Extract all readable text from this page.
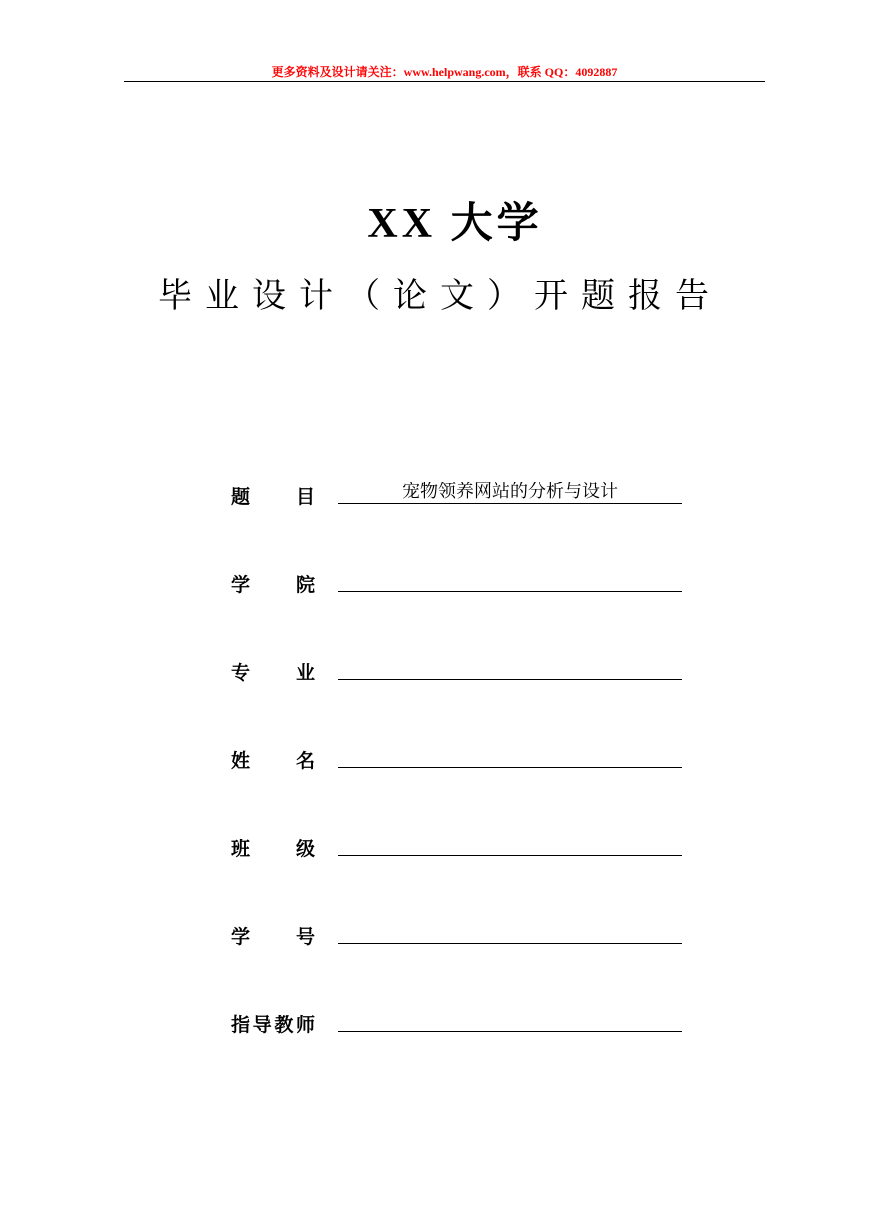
更多资料及设计请关注：www.helpwang.com，联系 QQ：4092887
XX 大学
毕业设计（论文）开题报告
题 目	宠物领养网站的分析与设计
学 院
专 业
姓 名
班 级
学 号
指 导 教 师
